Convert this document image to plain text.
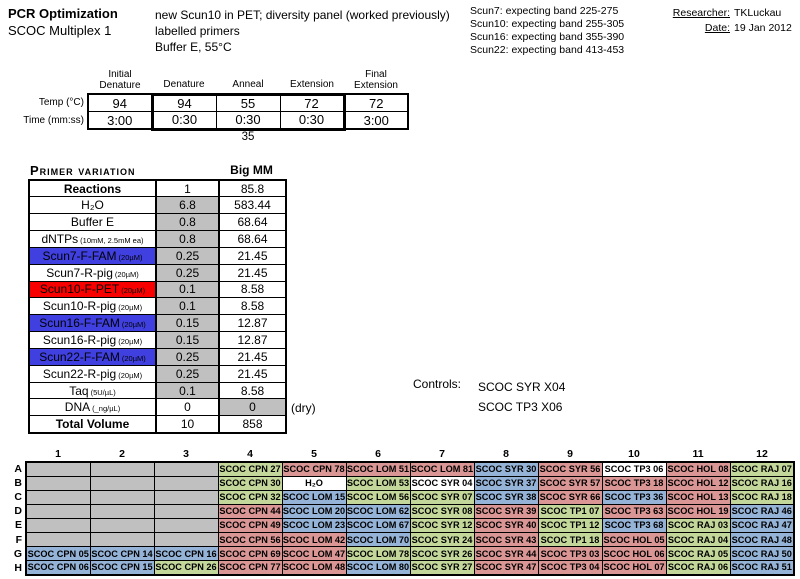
PCR Optimization
SCOC Multiplex 1
new Scun10 in PET; diversity panel (worked previously)
labelled primers
Buffer E, 55°C
Scun7: expecting band 225-275
Scun10: expecting band 255-305
Scun16: expecting band 355-390
Scun22: expecting band 413-453
Researcher: TKLuckau
Date: 19 Jan 2012
	Initial Denature	Denature	Anneal	Extension	Final Extension
Temp (°C)	94	94	55	72	72
Time (mm:ss)	3:00	0:30	0:30	0:30	3:00
35
Primer variation	Big MM
Reactions	1	85.8
H₂O	6.8	583.44
Buffer E	0.8	68.64
dNTPs (10mM, 2.5mM ea)	0.8	68.64
Scun7-F-FAM (20µM)	0.25	21.45
Scun7-R-pig (20µM)	0.25	21.45
Scun10-F-PET (20µM)	0.1	8.58
Scun10-R-pig (20µM)	0.1	8.58
Scun16-F-FAM (20µM)	0.15	12.87
Scun16-R-pig (20µM)	0.15	12.87
Scun22-F-FAM (20µM)	0.25	21.45
Scun22-R-pig (20µM)	0.25	21.45
Taq (5U/µL)	0.1	8.58
DNA (_ng/µL)	0	0
Total Volume	10	858
(dry)
Controls: SCOC SYR X04
SCOC TP3 X06
	1	2	3	4	5	6	7	8	9	10	11	12
A				SCOC CPN 27	SCOC CPN 78	SCOC LOM 51	SCOC LOM 81	SCOC SYR 30	SCOC SYR 56	SCOC TP3 06	SCOC HOL 08	SCOC RAJ 07
B				SCOC CPN 30	H₂O	SCOC LOM 53	SCOC SYR 04	SCOC SYR 37	SCOC SYR 57	SCOC TP3 18	SCOC HOL 12	SCOC RAJ 16
C				SCOC CPN 32	SCOC LOM 15	SCOC LOM 56	SCOC SYR 07	SCOC SYR 38	SCOC SYR 66	SCOC TP3 36	SCOC HOL 13	SCOC RAJ 18
D				SCOC CPN 44	SCOC LOM 20	SCOC LOM 62	SCOC SYR 08	SCOC SYR 39	SCOC TP1 07	SCOC TP3 63	SCOC HOL 19	SCOC RAJ 46
E				SCOC CPN 49	SCOC LOM 23	SCOC LOM 67	SCOC SYR 12	SCOC SYR 40	SCOC TP1 12	SCOC TP3 68	SCOC RAJ 03	SCOC RAJ 47
F				SCOC CPN 56	SCOC LOM 42	SCOC LOM 70	SCOC SYR 24	SCOC SYR 43	SCOC TP1 18	SCOC HOL 05	SCOC RAJ 04	SCOC RAJ 48
G	SCOC CPN 05	SCOC CPN 14	SCOC CPN 16	SCOC CPN 69	SCOC LOM 47	SCOC LOM 78	SCOC SYR 26	SCOC SYR 44	SCOC TP3 03	SCOC HOL 06	SCOC RAJ 05	SCOC RAJ 50
H	SCOC CPN 06	SCOC CPN 15	SCOC CPN 26	SCOC CPN 77	SCOC LOM 48	SCOC LOM 80	SCOC SYR 27	SCOC SYR 47	SCOC TP3 04	SCOC HOL 07	SCOC RAJ 06	SCOC RAJ 51
